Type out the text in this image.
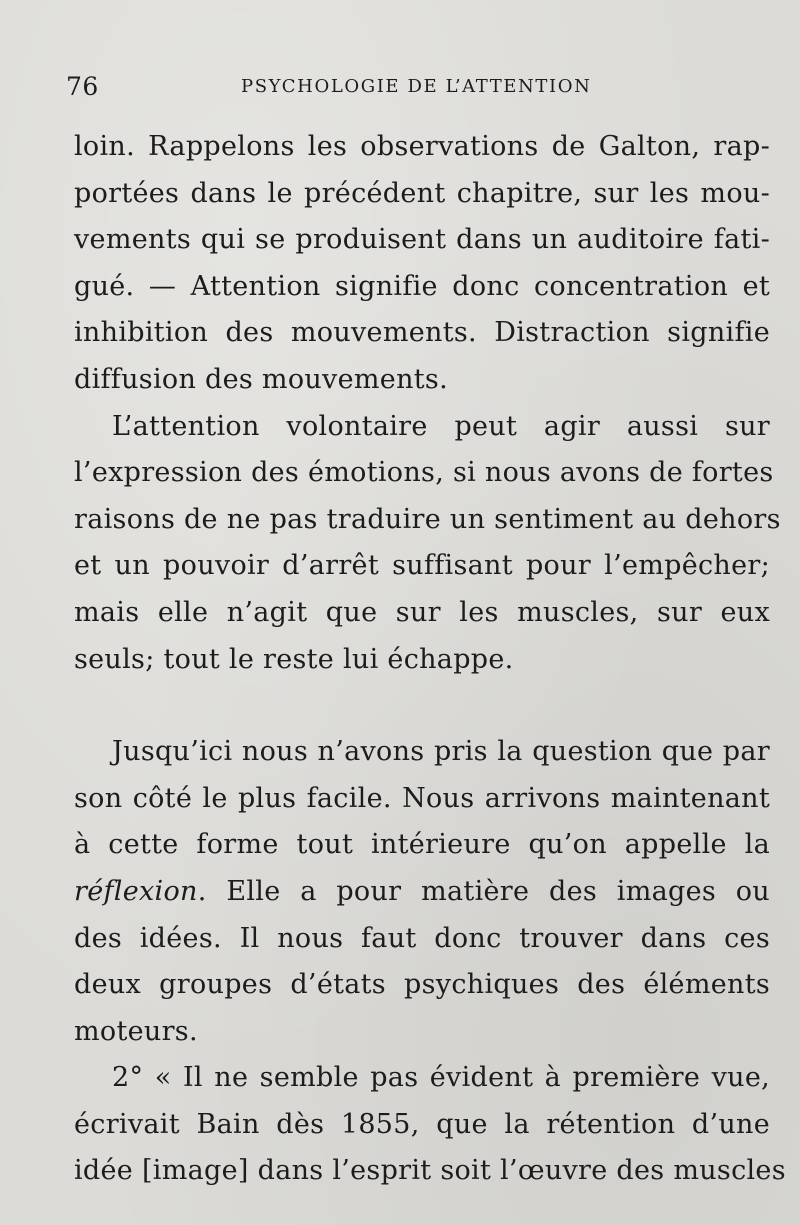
76	PSYCHOLOGIE DE L’ATTENTION
loin. Rappelons les observations de Galton, rap-
portées dans le précédent chapitre, sur les mou-
vements qui se produisent dans un auditoire fati-
gué. — Attention signifie donc concentration et
inhibition des mouvements. Distraction signifie
diffusion des mouvements.
L’attention volontaire peut agir aussi sur
l’expression des émotions, si nous avons de fortes
raisons de ne pas traduire un sentiment au dehors
et un pouvoir d’arrêt suffisant pour l’empêcher;
mais elle n’agit que sur les muscles, sur eux
seuls; tout le reste lui échappe.
Jusqu’ici nous n’avons pris la question que par
son côté le plus facile. Nous arrivons maintenant
à cette forme tout intérieure qu’on appelle la
réflexion. Elle a pour matière des images ou
des idées. Il nous faut donc trouver dans ces
deux groupes d’états psychiques des éléments
moteurs.
2° « Il ne semble pas évident à première vue,
écrivait Bain dès 1855, que la rétention d’une
idée [image] dans l’esprit soit l’œuvre des muscles
